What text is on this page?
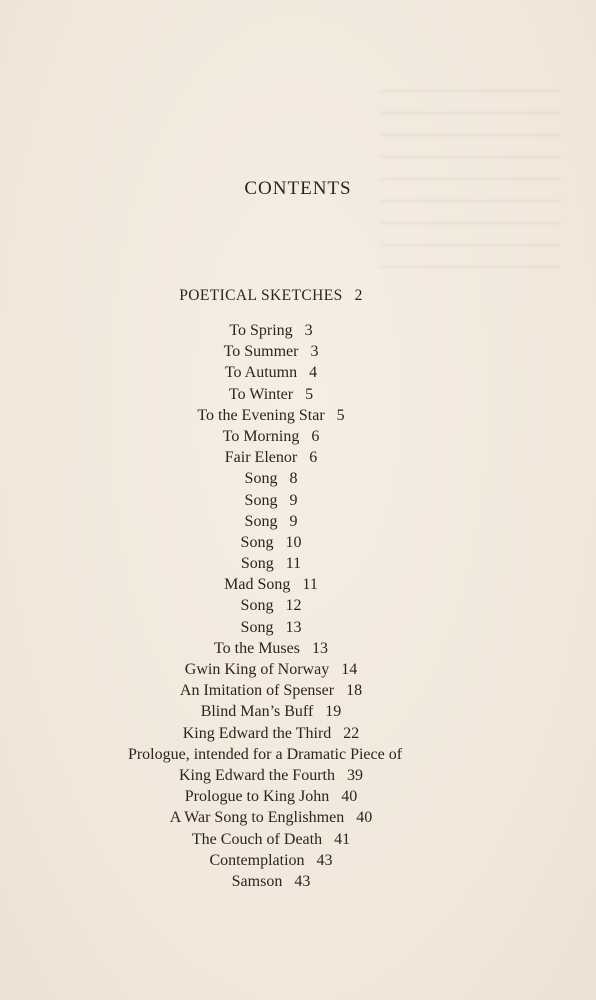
CONTENTS
POETICAL SKETCHES 2
To Spring 3
To Summer 3
To Autumn 4
To Winter 5
To the Evening Star 5
To Morning 6
Fair Elenor 6
Song 8
Song 9
Song 9
Song 10
Song 11
Mad Song 11
Song 12
Song 13
To the Muses 13
Gwin King of Norway 14
An Imitation of Spenser 18
Blind Man’s Buff 19
King Edward the Third 22
Prologue, intended for a Dramatic Piece of
King Edward the Fourth 39
Prologue to King John 40
A War Song to Englishmen 40
The Couch of Death 41
Contemplation 43
Samson 43
